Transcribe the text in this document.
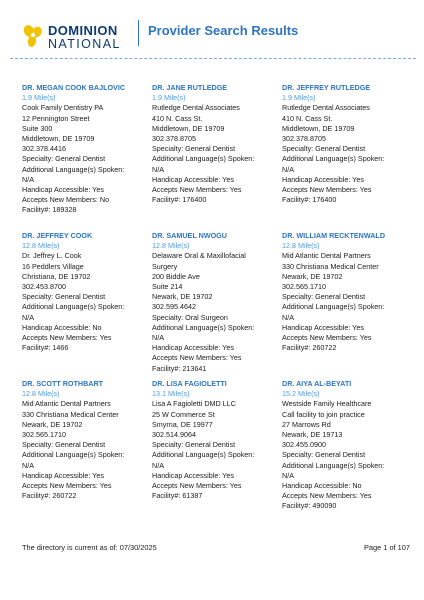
DOMINION
NATIONAL
Provider Search Results
DR. MEGAN COOK BAJLOVIC
1.9 Mile(s)
Cook Family Dentistry PA
12 Pennington Street
Suite 300
Middletown, DE 19709
302.378.4416
Specialty: General Dentist
Additional Language(s) Spoken:
N/A
Handicap Accessible: Yes
Accepts New Members: No
Facility#: 189328
DR. JANE RUTLEDGE
1.9 Mile(s)
Rutledge Dental Associates
410 N. Cass St.
Middletown, DE 19709
302.378.8705
Specialty: General Dentist
Additional Language(s) Spoken:
N/A
Handicap Accessible: Yes
Accepts New Members: Yes
Facility#: 176400
DR. JEFFREY RUTLEDGE
1.9 Mile(s)
Rutledge Dental Associates
410 N. Cass St.
Middletown, DE 19709
302.378.8705
Specialty: General Dentist
Additional Language(s) Spoken:
N/A
Handicap Accessible: Yes
Accepts New Members: Yes
Facility#: 176400
DR. JEFFREY COOK
12.8 Mile(s)
Dr. Jeffrey L. Cook
16 Peddlers Village
Christiana, DE 19702
302.453.8700
Specialty: General Dentist
Additional Language(s) Spoken:
N/A
Handicap Accessible: No
Accepts New Members: Yes
Facility#: 1466
DR. SAMUEL NWOGU
12.8 Mile(s)
Delaware Oral & Maxillofacial
Surgery
200 Biddle Ave
Suite 214
Newark, DE 19702
302.595.4642
Specialty: Oral Surgeon
Additional Language(s) Spoken:
N/A
Handicap Accessible: Yes
Accepts New Members: Yes
Facility#: 213641
DR. WILLIAM RECKTENWALD
12.8 Mile(s)
Mid Atlantic Dental Partners
330 Christiana Medical Center
Newark, DE 19702
302.565.1710
Specialty: General Dentist
Additional Language(s) Spoken:
N/A
Handicap Accessible: Yes
Accepts New Members: Yes
Facility#: 260722
DR. SCOTT ROTHBART
12.8 Mile(s)
Mid Atlantic Dental Partners
330 Christiana Medical Center
Newark, DE 19702
302.565.1710
Specialty: General Dentist
Additional Language(s) Spoken:
N/A
Handicap Accessible: Yes
Accepts New Members: Yes
Facility#: 260722
DR. LISA FAGIOLETTI
13.1 Mile(s)
Lisa A Fagioletti DMD LLC
25 W Commerce St
Smyrna, DE 19977
302.514.9064
Specialty: General Dentist
Additional Language(s) Spoken:
N/A
Handicap Accessible: Yes
Accepts New Members: Yes
Facility#: 61387
DR. AIYA AL-BEYATI
15.2 Mile(s)
Westside Family Healthcare
Call facility to join practice
27 Marrows Rd
Newark, DE 19713
302.455.0900
Specialty: General Dentist
Additional Language(s) Spoken:
N/A
Handicap Accessible: No
Accepts New Members: Yes
Facility#: 490090
The directory is current as of: 07/30/2025	Page 1 of 107
